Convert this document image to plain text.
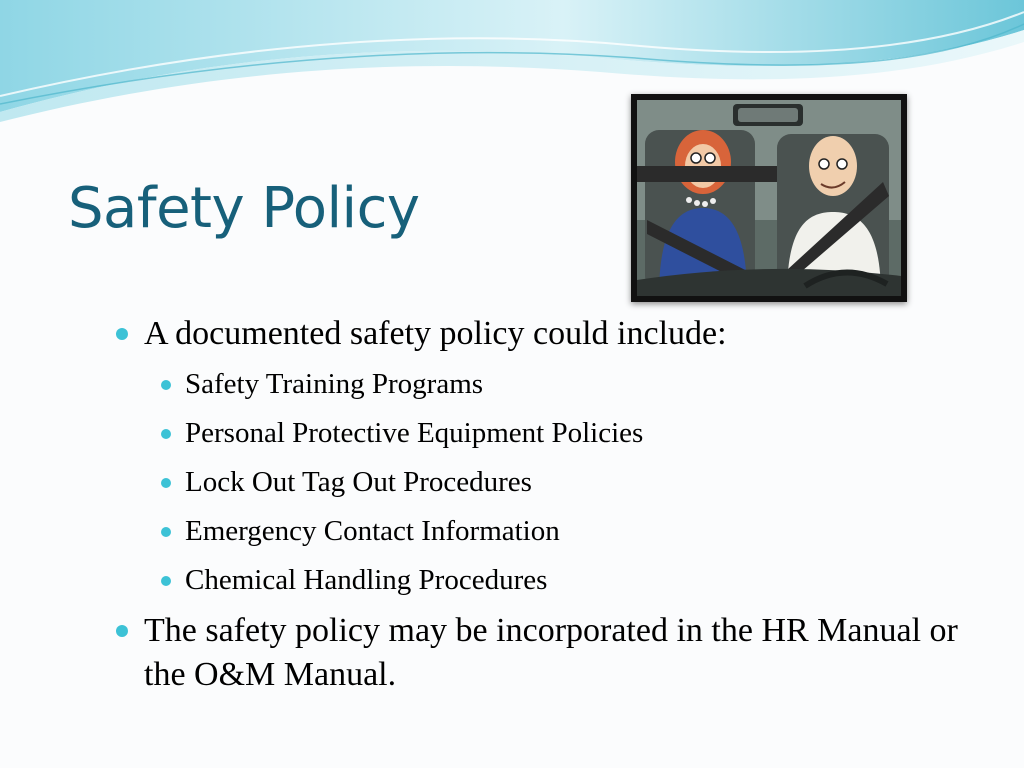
Safety Policy
A documented safety policy could include:
Safety Training Programs
Personal Protective Equipment Policies
Lock Out Tag Out Procedures
Emergency Contact Information
Chemical Handling Procedures
The safety policy may be incorporated in the HR Manual or the O&M Manual.
